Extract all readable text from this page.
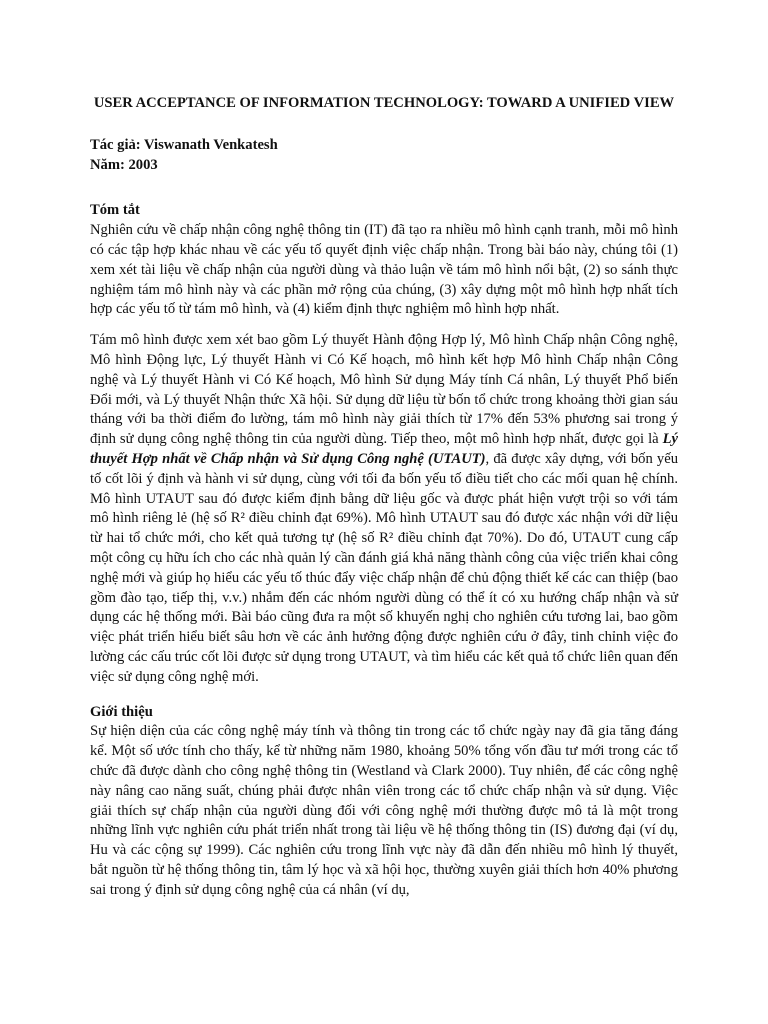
USER ACCEPTANCE OF INFORMATION TECHNOLOGY: TOWARD A UNIFIED VIEW
Tác giả: Viswanath Venkatesh
Năm: 2003
Tóm tắt

Nghiên cứu về chấp nhận công nghệ thông tin (IT) đã tạo ra nhiều mô hình cạnh tranh, mỗi mô hình có các tập hợp khác nhau về các yếu tố quyết định việc chấp nhận. Trong bài báo này, chúng tôi (1) xem xét tài liệu về chấp nhận của người dùng và thảo luận về tám mô hình nổi bật, (2) so sánh thực nghiệm tám mô hình này và các phần mở rộng của chúng, (3) xây dựng một mô hình hợp nhất tích hợp các yếu tố từ tám mô hình, và (4) kiểm định thực nghiệm mô hình hợp nhất.

Tám mô hình được xem xét bao gồm Lý thuyết Hành động Hợp lý, Mô hình Chấp nhận Công nghệ, Mô hình Động lực, Lý thuyết Hành vi Có Kế hoạch, mô hình kết hợp Mô hình Chấp nhận Công nghệ và Lý thuyết Hành vi Có Kế hoạch, Mô hình Sử dụng Máy tính Cá nhân, Lý thuyết Phổ biến Đổi mới, và Lý thuyết Nhận thức Xã hội. Sử dụng dữ liệu từ bốn tổ chức trong khoảng thời gian sáu tháng với ba thời điểm đo lường, tám mô hình này giải thích từ 17% đến 53% phương sai trong ý định sử dụng công nghệ thông tin của người dùng. Tiếp theo, một mô hình hợp nhất, được gọi là Lý thuyết Hợp nhất về Chấp nhận và Sử dụng Công nghệ (UTAUT), đã được xây dựng, với bốn yếu tố cốt lõi ý định và hành vi sử dụng, cùng với tối đa bốn yếu tố điều tiết cho các mối quan hệ chính. Mô hình UTAUT sau đó được kiểm định bằng dữ liệu gốc và được phát hiện vượt trội so với tám mô hình riêng lẻ (hệ số R² điều chỉnh đạt 69%). Mô hình UTAUT sau đó được xác nhận với dữ liệu từ hai tổ chức mới, cho kết quả tương tự (hệ số R² điều chỉnh đạt 70%). Do đó, UTAUT cung cấp một công cụ hữu ích cho các nhà quản lý cần đánh giá khả năng thành công của việc triển khai công nghệ mới và giúp họ hiểu các yếu tố thúc đẩy việc chấp nhận để chủ động thiết kế các can thiệp (bao gồm đào tạo, tiếp thị, v.v.) nhắm đến các nhóm người dùng có thể ít có xu hướng chấp nhận và sử dụng các hệ thống mới. Bài báo cũng đưa ra một số khuyến nghị cho nghiên cứu tương lai, bao gồm việc phát triển hiểu biết sâu hơn về các ảnh hưởng động được nghiên cứu ở đây, tinh chỉnh việc đo lường các cấu trúc cốt lõi được sử dụng trong UTAUT, và tìm hiểu các kết quả tổ chức liên quan đến việc sử dụng công nghệ mới.

Giới thiệu

Sự hiện diện của các công nghệ máy tính và thông tin trong các tổ chức ngày nay đã gia tăng đáng kể. Một số ước tính cho thấy, kể từ những năm 1980, khoảng 50% tổng vốn đầu tư mới trong các tổ chức đã được dành cho công nghệ thông tin (Westland và Clark 2000). Tuy nhiên, để các công nghệ này nâng cao năng suất, chúng phải được nhân viên trong các tổ chức chấp nhận và sử dụng. Việc giải thích sự chấp nhận của người dùng đối với công nghệ mới thường được mô tả là một trong những lĩnh vực nghiên cứu phát triển nhất trong tài liệu về hệ thống thông tin (IS) đương đại (ví dụ, Hu và các cộng sự 1999). Các nghiên cứu trong lĩnh vực này đã dẫn đến nhiều mô hình lý thuyết, bắt nguồn từ hệ thống thông tin, tâm lý học và xã hội học, thường xuyên giải thích hơn 40% phương sai trong ý định sử dụng công nghệ của cá nhân (ví dụ,
